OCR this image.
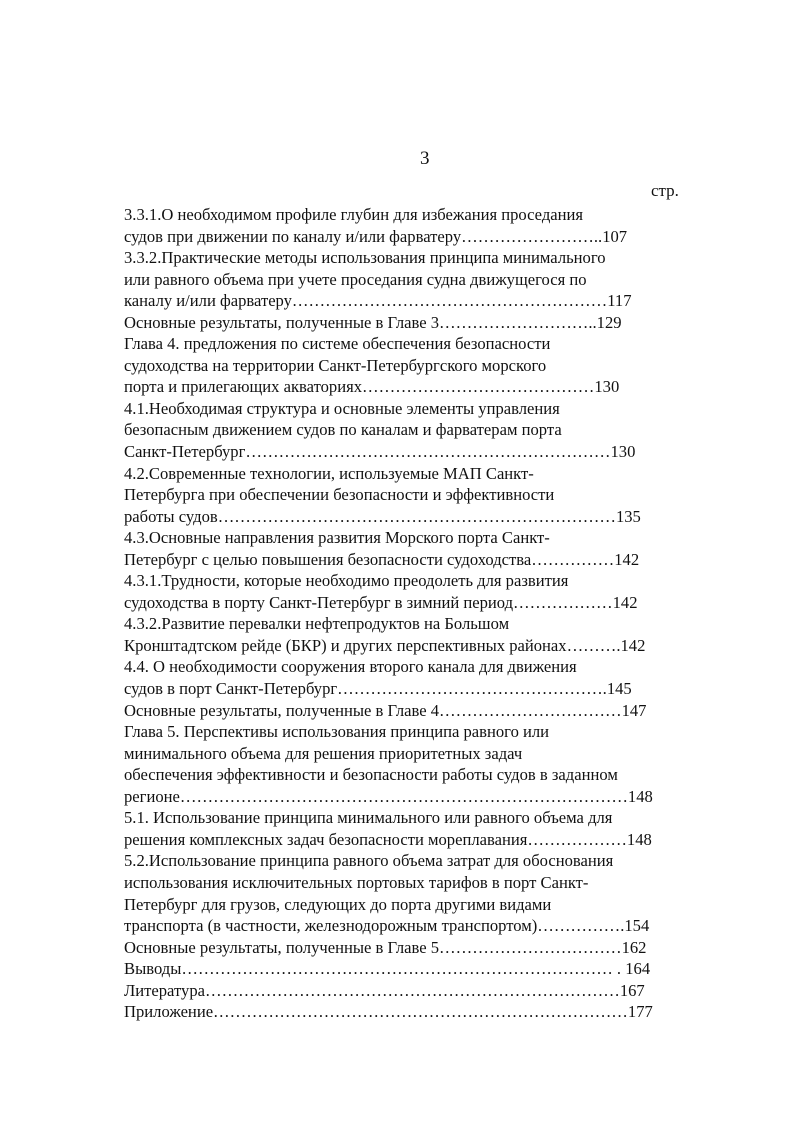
3
стр.
3.3.1.О необходимом профиле глубин для избежания проседания
судов при движении по каналу и/или фарватеру……………………..107
3.3.2.Практические методы использования принципа минимального
или равного объема при учете проседания судна движущегося по
каналу и/или фарватеру…………………………………………………117
Основные результаты, полученные в Главе 3………………………..129
Глава 4. предложения по системе обеспечения безопасности
судоходства на территории Санкт-Петербургского морского
порта и прилегающих акваториях……………………………………130
4.1.Необходимая структура и основные элементы управления
безопасным движением судов по каналам и фарватерам порта
Санкт-Петербург…………………………………………………………130
4.2.Современные технологии, используемые МАП Санкт-
Петербурга при обеспечении безопасности и эффективности
работы судов………………………………………………………………135
4.3.Основные направления развития Морского порта Санкт-
Петербург с целью повышения безопасности судоходства……………142
4.3.1.Трудности, которые необходимо преодолеть для развития
судоходства в порту Санкт-Петербург в зимний период………………142
4.3.2.Развитие перевалки нефтепродуктов на Большом
Кронштадтском рейде (БКР) и других перспективных районах……….142
4.4. О необходимости сооружения второго канала для движения
судов в порт Санкт-Петербург………………………………………….145
Основные результаты, полученные в Главе 4……………………………147
Глава 5. Перспективы использования принципа равного или
минимального объема для решения приоритетных задач
обеспечения эффективности и безопасности работы судов в заданном
регионе………………………………………………………………………148
5.1. Использование принципа минимального или равного объема для
решения комплексных задач безопасности мореплавания………………148
5.2.Использование принципа равного объема затрат для обоснования
использования исключительных портовых тарифов в порт Санкт-
Петербург для грузов, следующих до порта другими видами
транспорта (в частности, железнодорожным транспортом)…………….154
Основные результаты, полученные в Главе 5……………………………162
Выводы…………………………………………………………………… . 164
Литература…………………………………………………………………167
Приложение…………………………………………………………………177
